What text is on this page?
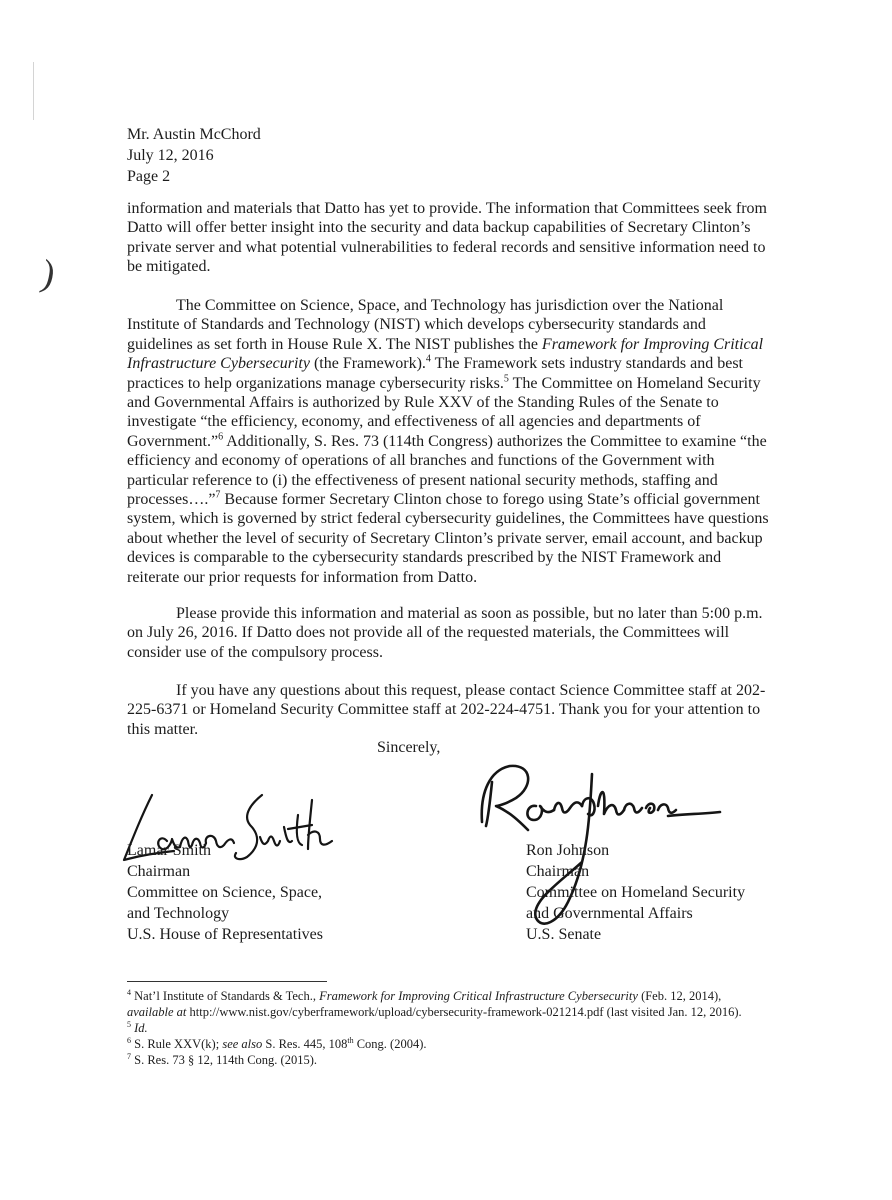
)
Mr. Austin McChord
July 12, 2016
Page 2

information and materials that Datto has yet to provide. The information that Committees seek from Datto will offer better insight into the security and data backup capabilities of Secretary Clinton’s private server and what potential vulnerabilities to federal records and sensitive information need to be mitigated.

The Committee on Science, Space, and Technology has jurisdiction over the National Institute of Standards and Technology (NIST) which develops cybersecurity standards and guidelines as set forth in House Rule X. The NIST publishes the Framework for Improving Critical Infrastructure Cybersecurity (the Framework).$^4$ The Framework sets industry standards and best practices to help organizations manage cybersecurity risks.$^5$ The Committee on Homeland Security and Governmental Affairs is authorized by Rule XXV of the Standing Rules of the Senate to investigate “the efficiency, economy, and effectiveness of all agencies and departments of Government.”$^6$ Additionally, S. Res. 73 (114th Congress) authorizes the Committee to examine “the efficiency and economy of operations of all branches and functions of the Government with particular reference to (i) the effectiveness of present national security methods, staffing and processes….”$^7$ Because former Secretary Clinton chose to forego using State’s official government system, which is governed by strict federal cybersecurity guidelines, the Committees have questions about whether the level of security of Secretary Clinton’s private server, email account, and backup devices is comparable to the cybersecurity standards prescribed by the NIST Framework and reiterate our prior requests for information from Datto.

Please provide this information and material as soon as possible, but no later than 5:00 p.m. on July 26, 2016. If Datto does not provide all of the requested materials, the Committees will consider use of the compulsory process.

If you have any questions about this request, please contact Science Committee staff at 202-225-6371 or Homeland Security Committee staff at 202-224-4751. Thank you for your attention to this matter.

Sincerely,
Lamar Smith
Chairman
Committee on Science, Space,
and Technology
U.S. House of Representatives
Ron Johnson
Chairman
Committee on Homeland Security
and Governmental Affairs
U.S. Senate

$^4$ Nat’l Institute of Standards & Tech., Framework for Improving Critical Infrastructure Cybersecurity (Feb. 12, 2014), available at http://www.nist.gov/cyberframework/upload/cybersecurity-framework-021214.pdf (last visited Jan. 12, 2016).

$^5$ Id.

$^6$ S. Rule XXV(k); see also S. Res. 445, 108th Cong. (2004).

$^7$ S. Res. 73 § 12, 114th Cong. (2015).
